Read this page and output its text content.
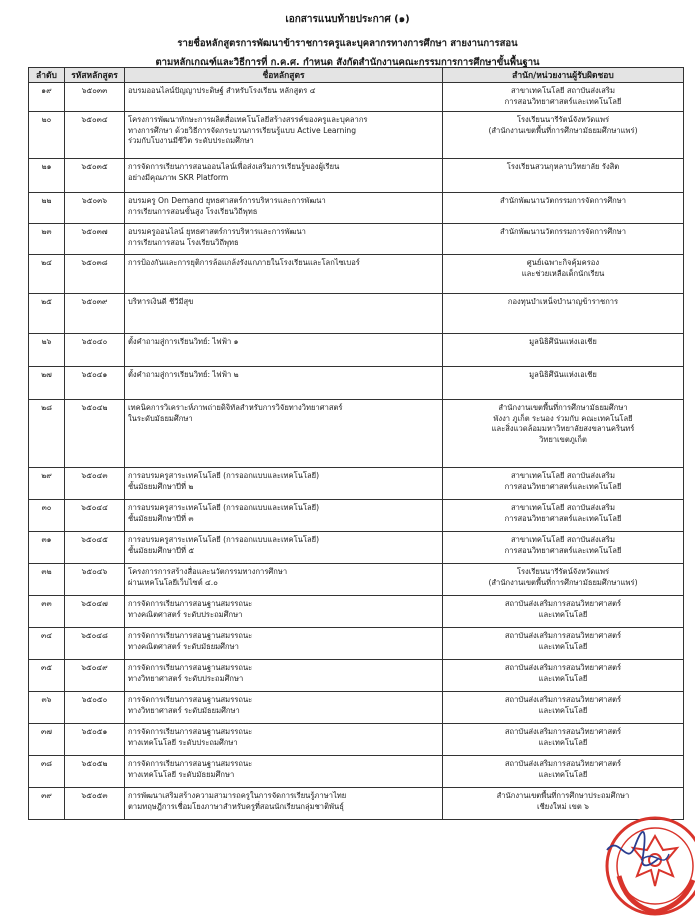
เอกสารแนบท้ายประกาศ (๑)
รายชื่อหลักสูตรการพัฒนาข้าราชการครูและบุคลากรทางการศึกษา สายงานการสอน
ตามหลักเกณฑ์และวิธีการที่ ก.ค.ศ. กำหนด สังกัดสำนักงานคณะกรรมการการศึกษาขั้นพื้นฐาน
ลำดับ	รหัสหลักสูตร	ชื่อหลักสูตร	สำนัก/หน่วยงานผู้รับผิดชอบ
๑๙	๖๕๐๓๓	อบรมออนไลน์ปัญญาประดิษฐ์ สำหรับโรงเรียน หลักสูตร ๔	สาขาเทคโนโลยี สถาบันส่งเสริม
การสอนวิทยาศาสตร์และเทคโนโลยี

๒๐	๖๕๐๓๔	โครงการพัฒนาทักษะการผลิตสื่อเทคโนโลยีสร้างสรรค์ของครูและบุคลากร
ทางการศึกษา ด้วยวิธีการจัดกระบวนการเรียนรู้แบบ Active Learning
ร่วมกับโบงานมีชีวิต ระดับประถมศึกษา	โรงเรียนนารีรัตน์จังหวัดแพร่
(สำนักงานเขตพื้นที่การศึกษามัธยมศึกษาแพร่)

๒๑	๖๕๐๓๕	การจัดการเรียนการสอนออนไลน์เพื่อส่งเสริมการเรียนรู้ของผู้เรียน
อย่างมีคุณภาพ SKR Platform	โรงเรียนสวนกุหลาบวิทยาลัย รังสิต

๒๒	๖๕๐๓๖	อบรมครู On Demand ยุทธศาสตร์การบริหารและการพัฒนา
การเรียนการสอนขั้นสูง โรงเรียนวิถีพุทธ	สำนักพัฒนานวัตกรรมการจัดการศึกษา

๒๓	๖๕๐๓๗	อบรมครูออนไลน์ ยุทธศาสตร์การบริหารและการพัฒนา
การเรียนการสอน โรงเรียนวิถีพุทธ	สำนักพัฒนานวัตกรรมการจัดการศึกษา

๒๔	๖๕๐๓๘	การป้องกันและการยุติการล้อแกล้งรังแกภายในโรงเรียนและโลกไซเบอร์	ศูนย์เฉพาะกิจคุ้มครอง
และช่วยเหลือเด็กนักเรียน

๒๕	๖๕๐๓๙	บริหารเงินดี ชีวีมีสุข	กองทุนบำเหน็จบำนาญข้าราชการ

๒๖	๖๕๐๔๐	ตั้งคำถามสู่การเรียนวิทย์: ไฟฟ้า ๑	มูลนิธิศึนันแห่งเอเชีย

๒๗	๖๕๐๔๑	ตั้งคำถามสู่การเรียนวิทย์: ไฟฟ้า ๒	มูลนิธิศึนันแห่งเอเชีย

๒๘	๖๕๐๔๒	เทคนิคการวิเคราะห์ภาพถ่ายดิจิทัลสำหรับการวิจัยทางวิทยาศาสตร์
ในระดับมัธยมศึกษา	สำนักงานเขตพื้นที่การศึกษามัธยมศึกษา
พังงา ภูเก็ต ระนอง ร่วมกับ คณะเทคโนโลยี
และสิ่งแวดล้อมมหาวิทยาลัยสงขลานครินทร์
วิทยาเขตภูเก็ต

๒๙	๖๕๐๔๓	การอบรมครูสาระเทคโนโลยี (การออกแบบและเทคโนโลยี)
ชั้นมัธยมศึกษาปีที่ ๒	สาขาเทคโนโลยี สถาบันส่งเสริม
การสอนวิทยาศาสตร์และเทคโนโลยี

๓๐	๖๕๐๔๔	การอบรมครูสาระเทคโนโลยี (การออกแบบและเทคโนโลยี)
ชั้นมัธยมศึกษาปีที่ ๓	สาขาเทคโนโลยี สถาบันส่งเสริม
การสอนวิทยาศาสตร์และเทคโนโลยี

๓๑	๖๕๐๔๕	การอบรมครูสาระเทคโนโลยี (การออกแบบและเทคโนโลยี)
ชั้นมัธยมศึกษาปีที่ ๕	สาขาเทคโนโลยี สถาบันส่งเสริม
การสอนวิทยาศาสตร์และเทคโนโลยี

๓๒	๖๕๐๔๖	โครงการการสร้างสื่อและนวัตกรรมทางการศึกษา
ผ่านเทคโนโลยีเว็บไซต์ ๔.๐	โรงเรียนนารีรัตน์จังหวัดแพร่
(สำนักงานเขตพื้นที่การศึกษามัธยมศึกษาแพร่)

๓๓	๖๕๐๔๗	การจัดการเรียนการสอนฐานสมรรถนะ
ทางคณิตศาสตร์ ระดับประถมศึกษา	สถาบันส่งเสริมการสอนวิทยาศาสตร์
และเทคโนโลยี

๓๔	๖๕๐๔๘	การจัดการเรียนการสอนฐานสมรรถนะ
ทางคณิตศาสตร์ ระดับมัธยมศึกษา	สถาบันส่งเสริมการสอนวิทยาศาสตร์
และเทคโนโลยี

๓๕	๖๕๐๔๙	การจัดการเรียนการสอนฐานสมรรถนะ
ทางวิทยาศาสตร์ ระดับประถมศึกษา	สถาบันส่งเสริมการสอนวิทยาศาสตร์
และเทคโนโลยี

๓๖	๖๕๐๕๐	การจัดการเรียนการสอนฐานสมรรถนะ
ทางวิทยาศาสตร์ ระดับมัธยมศึกษา	สถาบันส่งเสริมการสอนวิทยาศาสตร์
และเทคโนโลยี

๓๗	๖๕๐๕๑	การจัดการเรียนการสอนฐานสมรรถนะ
ทางเทคโนโลยี ระดับประถมศึกษา	สถาบันส่งเสริมการสอนวิทยาศาสตร์
และเทคโนโลยี

๓๘	๖๕๐๕๒	การจัดการเรียนการสอนฐานสมรรถนะ
ทางเทคโนโลยี ระดับมัธยมศึกษา	สถาบันส่งเสริมการสอนวิทยาศาสตร์
และเทคโนโลยี

๓๙	๖๕๐๕๓	การพัฒนาเสริมสร้างความสามารถครูในการจัดการเรียนรู้ภาษาไทย
ตามทฤษฎีการเชื่อมโยงภาษาสำหรับครูที่สอนนักเรียนกลุ่มชาติพันธุ์	สำนักงานเขตพื้นที่การศึกษาประถมศึกษา
เชียงใหม่ เขต ๖
